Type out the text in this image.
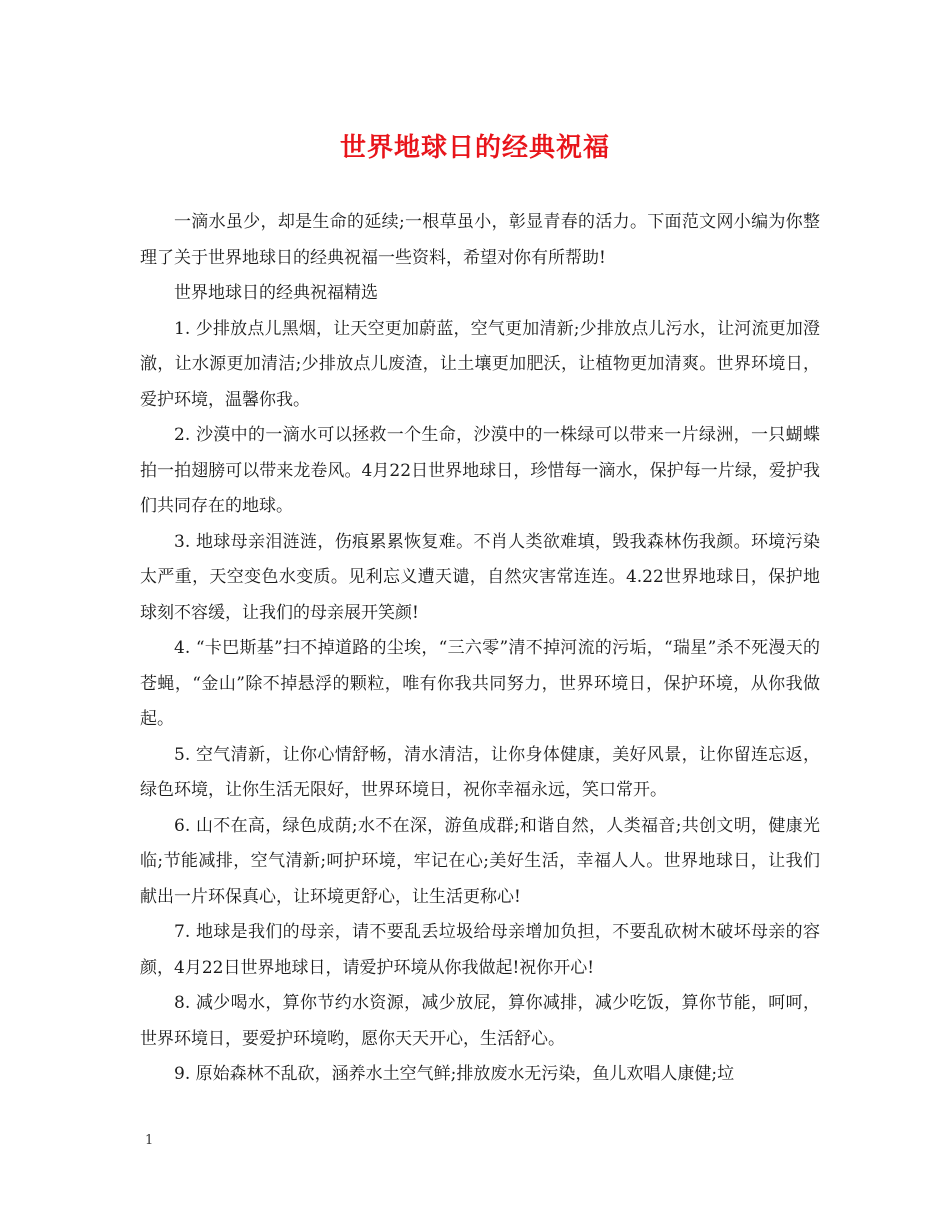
世界地球日的经典祝福

一滴水虽少，却是生命的延续;一根草虽小，彰显青春的活力。下面范文网小编为你整理了关于世界地球日的经典祝福一些资料，希望对你有所帮助!

世界地球日的经典祝福精选

1. 少排放点儿黑烟，让天空更加蔚蓝，空气更加清新;少排放点儿污水，让河流更加澄澈，让水源更加清洁;少排放点儿废渣，让土壤更加肥沃，让植物更加清爽。世界环境日，爱护环境，温馨你我。

2. 沙漠中的一滴水可以拯救一个生命，沙漠中的一株绿可以带来一片绿洲，一只蝴蝶拍一拍翅膀可以带来龙卷风。4月22日世界地球日，珍惜每一滴水，保护每一片绿，爱护我们共同存在的地球。

3. 地球母亲泪涟涟，伤痕累累恢复难。不肖人类欲难填，毁我森林伤我颜。环境污染太严重，天空变色水变质。见利忘义遭天谴，自然灾害常连连。4.22世界地球日，保护地球刻不容缓，让我们的母亲展开笑颜!

4. “卡巴斯基”扫不掉道路的尘埃，“三六零”清不掉河流的污垢，“瑞星”杀不死漫天的苍蝇，“金山”除不掉悬浮的颗粒，唯有你我共同努力，世界环境日，保护环境，从你我做起。

5. 空气清新，让你心情舒畅，清水清洁，让你身体健康，美好风景，让你留连忘返，绿色环境，让你生活无限好，世界环境日，祝你幸福永远，笑口常开。

6. 山不在高，绿色成荫;水不在深，游鱼成群;和谐自然，人类福音;共创文明，健康光临;节能减排，空气清新;呵护环境，牢记在心;美好生活，幸福人人。世界地球日，让我们献出一片环保真心，让环境更舒心，让生活更称心!

7. 地球是我们的母亲，请不要乱丢垃圾给母亲增加负担，不要乱砍树木破坏母亲的容颜，4月22日世界地球日，请爱护环境从你我做起!祝你开心!

8. 减少喝水，算你节约水资源，减少放屁，算你减排，减少吃饭，算你节能，呵呵，世界环境日，要爱护环境哟，愿你天天开心，生活舒心。

9. 原始森林不乱砍，涵养水土空气鲜;排放废水无污染，鱼儿欢唱人康健;垃

1
